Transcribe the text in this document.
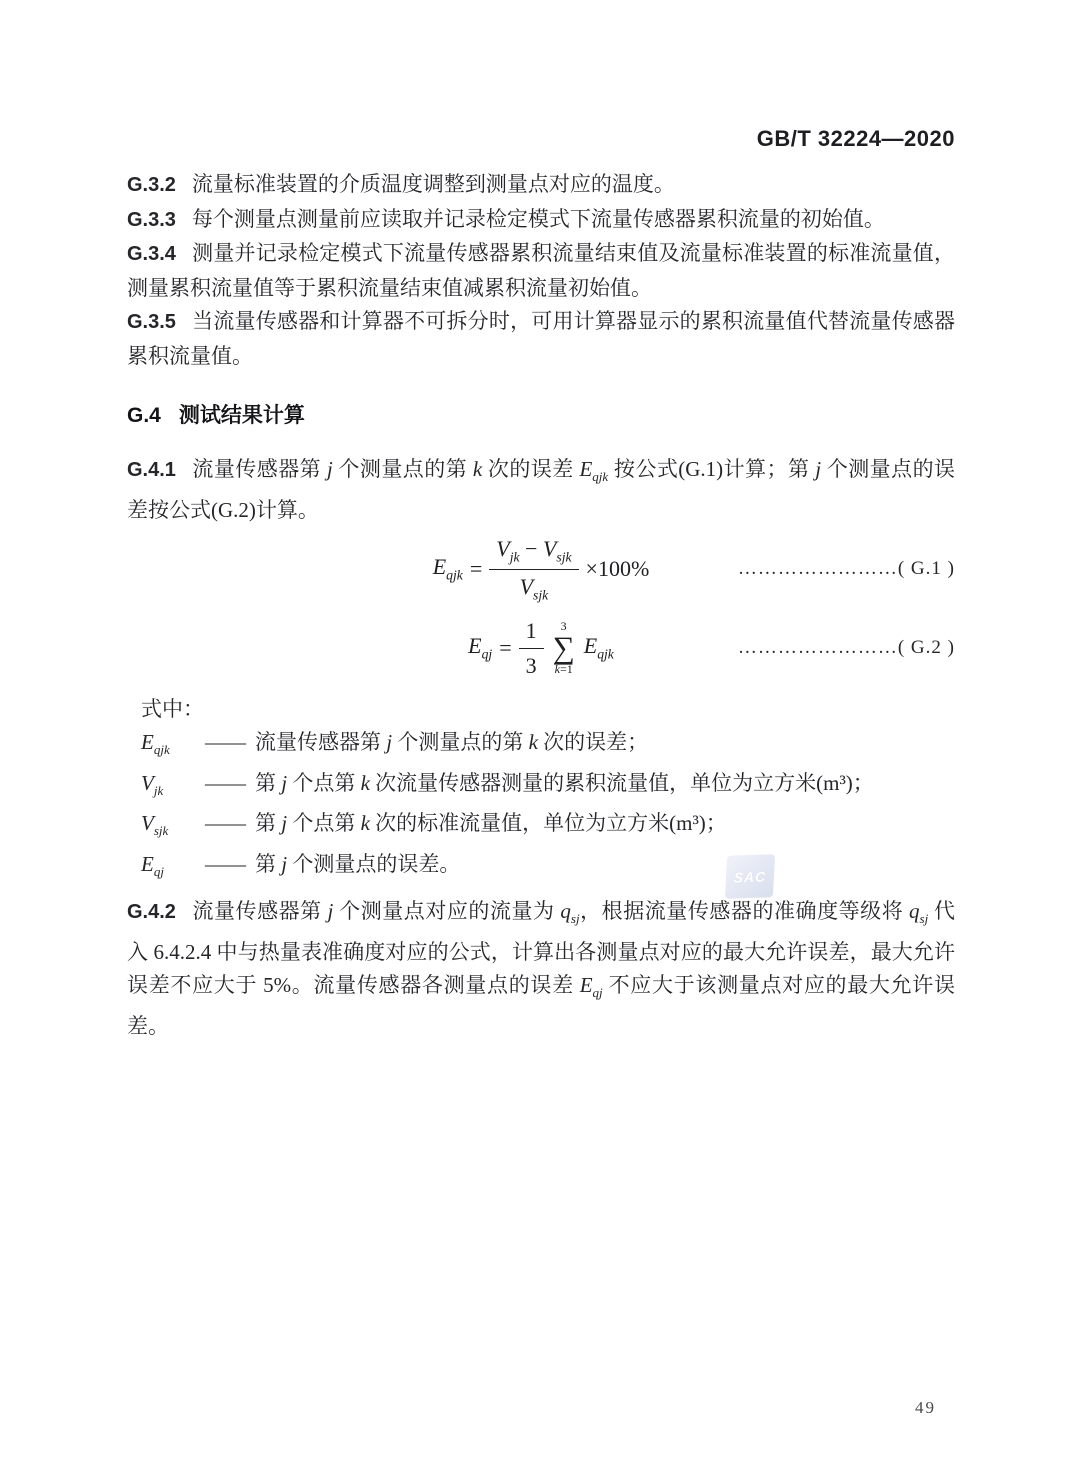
GB/T 32224—2020

G.3.2 流量标准装置的介质温度调整到测量点对应的温度。

G.3.3 每个测量点测量前应读取并记录检定模式下流量传感器累积流量的初始值。

G.3.4 测量并记录检定模式下流量传感器累积流量结束值及流量标准装置的标准流量值，测量累积流量值等于累积流量结束值减累积流量初始值。

G.3.5 当流量传感器和计算器不可拆分时，可用计算器显示的累积流量值代替流量传感器累积流量值。

G.4 测试结果计算

G.4.1 流量传感器第 j 个测量点的第 k 次的误差 $E_{qjk}$ 按公式(G.1)计算；第 j 个测量点的误差按公式(G.2)计算。

$E_{qjk} = \frac{V_{jk} - V_{sjk}}{V_{sjk}} \times 100\%$	……………………( G.1 )
$E_{qj} = \frac{1}{3} 3$
∑
k=1
$E_{qjk}$	……………………( G.2 )

式中：

$E_{qjk}$	—— 流量传感器第 j 个测量点的第 k 次的误差；
$V_{jk}$	—— 第 j 个点第 k 次流量传感器测量的累积流量值，单位为立方米(m³)；
$V_{sjk}$	—— 第 j 个点第 k 次的标准流量值，单位为立方米(m³)；
$E_{qj}$	—— 第 j 个测量点的误差。

G.4.2 流量传感器第 j 个测量点对应的流量为 $q_{sj}$，根据流量传感器的准确度等级将 $q_{sj}$ 代入 6.4.2.4 中与热量表准确度对应的公式，计算出各测量点对应的最大允许误差，最大允许误差不应大于 5%。流量传感器各测量点的误差 $E_{qj}$ 不应大于该测量点对应的最大允许误差。

SAC
49
